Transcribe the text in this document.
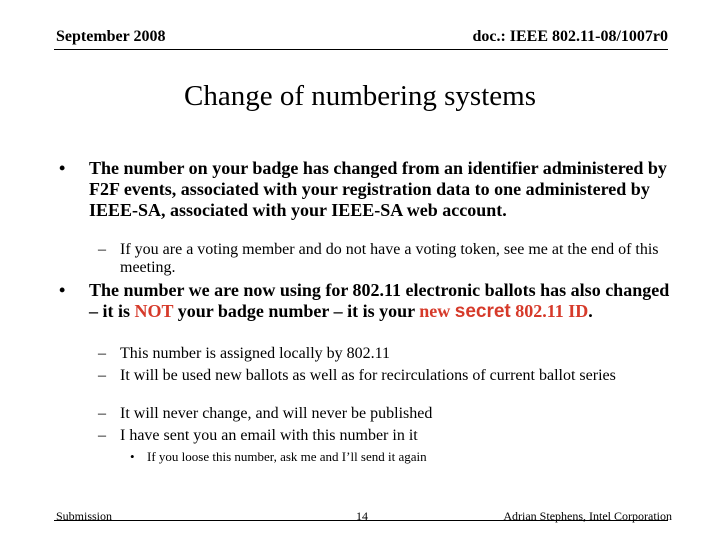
September 2008	doc.: IEEE 802.11-08/1007r0
Change of numbering systems
• The number on your badge has changed from an identifier administered by F2F events, associated with your registration data to one administered by IEEE-SA, associated with your IEEE-SA web account.
– If you are a voting member and do not have a voting token, see me at the end of this meeting.
• The number we are now using for 802.11 electronic ballots has also changed – it is NOT your badge number – it is your new secret 802.11 ID.
– This number is assigned locally by 802.11
– It will be used new ballots as well as for recirculations of current ballot series
– It will never change, and will never be published
– I have sent you an email with this number in it
• If you loose this number, ask me and I’ll send it again
Submission	14	Adrian Stephens, Intel Corporation
